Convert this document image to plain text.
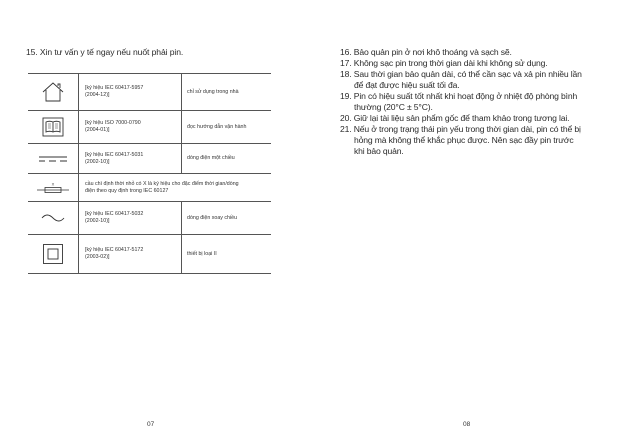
15. Xin tư vấn y tế ngay nếu nuốt phải pin.

[ký hiệu IEC 60417-5957
(2004-12)]	chỉ sử dụng trong nhà

[ký hiệu ISO 7000-0790
(2004-01)]	đọc hướng dẫn vận hành

[ký hiệu IEC 60417-5031
(2002-10)]	dòng điện một chiều

X	cầu chì định thời nhỏ có X là ký hiệu cho đặc điểm thời gian/dòng
điện theo quy định trong IEC 60127	

[ký hiệu IEC 60417-5032
(2002-10)]	dòng điện xoay chiều

[ký hiệu IEC 60417-5172
(2003-02)]	thiết bị loại II
07
16. Bảo quản pin ở nơi khô thoáng và sạch sẽ.
17. Không sạc pin trong thời gian dài khi không sử dụng.
18. Sau thời gian bảo quản dài, có thể cần sạc và xả pin nhiều lần để đạt được hiệu suất tối đa.
19. Pin có hiệu suất tốt nhất khi hoạt động ở nhiệt độ phòng bình thường (20°C ± 5°C).
20. Giữ lại tài liệu sản phẩm gốc để tham khảo trong tương lai.
21. Nếu ở trong trạng thái pin yếu trong thời gian dài, pin có thể bị hỏng mà không thể khắc phục được. Nên sạc đầy pin trước khi bảo quản.
08
